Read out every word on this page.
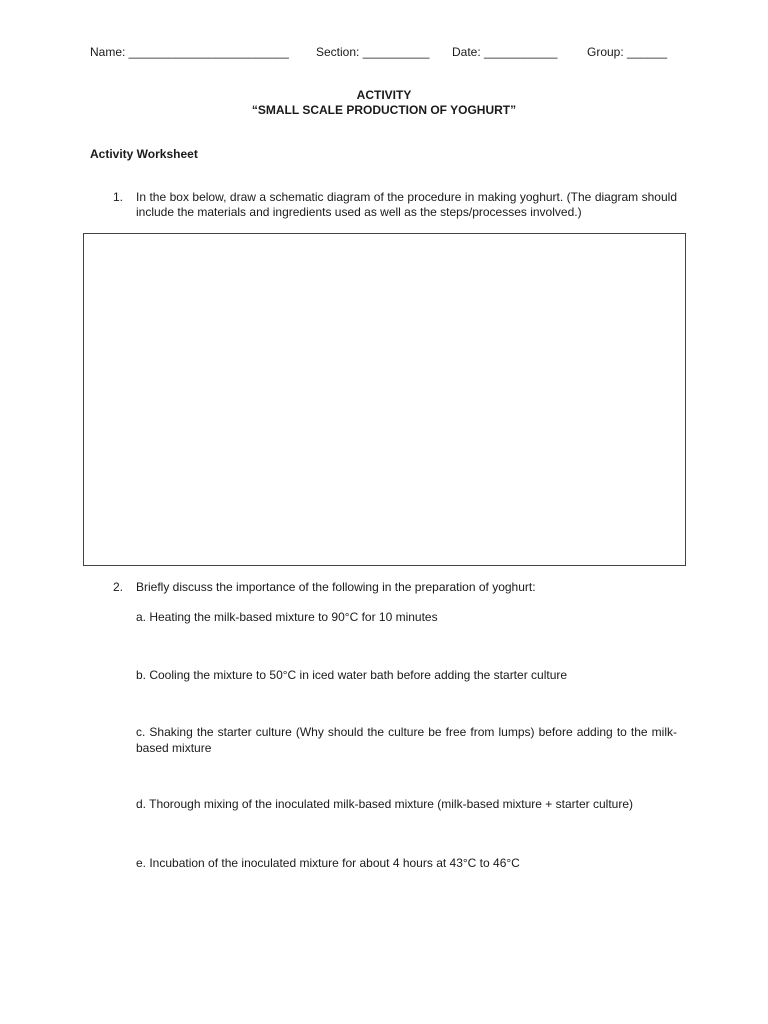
Name: ________________________ Section: __________ Date: ___________ Group: ______
ACTIVITY
“SMALL SCALE PRODUCTION OF YOGHURT”
Activity Worksheet
1. In the box below, draw a schematic diagram of the procedure in making yoghurt. (The diagram should include the materials and ingredients used as well as the steps/processes involved.)
2. Briefly discuss the importance of the following in the preparation of yoghurt:
a. Heating the milk-based mixture to 90°C for 10 minutes
b. Cooling the mixture to 50°C in iced water bath before adding the starter culture
c. Shaking the starter culture (Why should the culture be free from lumps) before adding to the milk-based mixture
d. Thorough mixing of the inoculated milk-based mixture (milk-based mixture + starter culture)
e. Incubation of the inoculated mixture for about 4 hours at 43°C to 46°C
